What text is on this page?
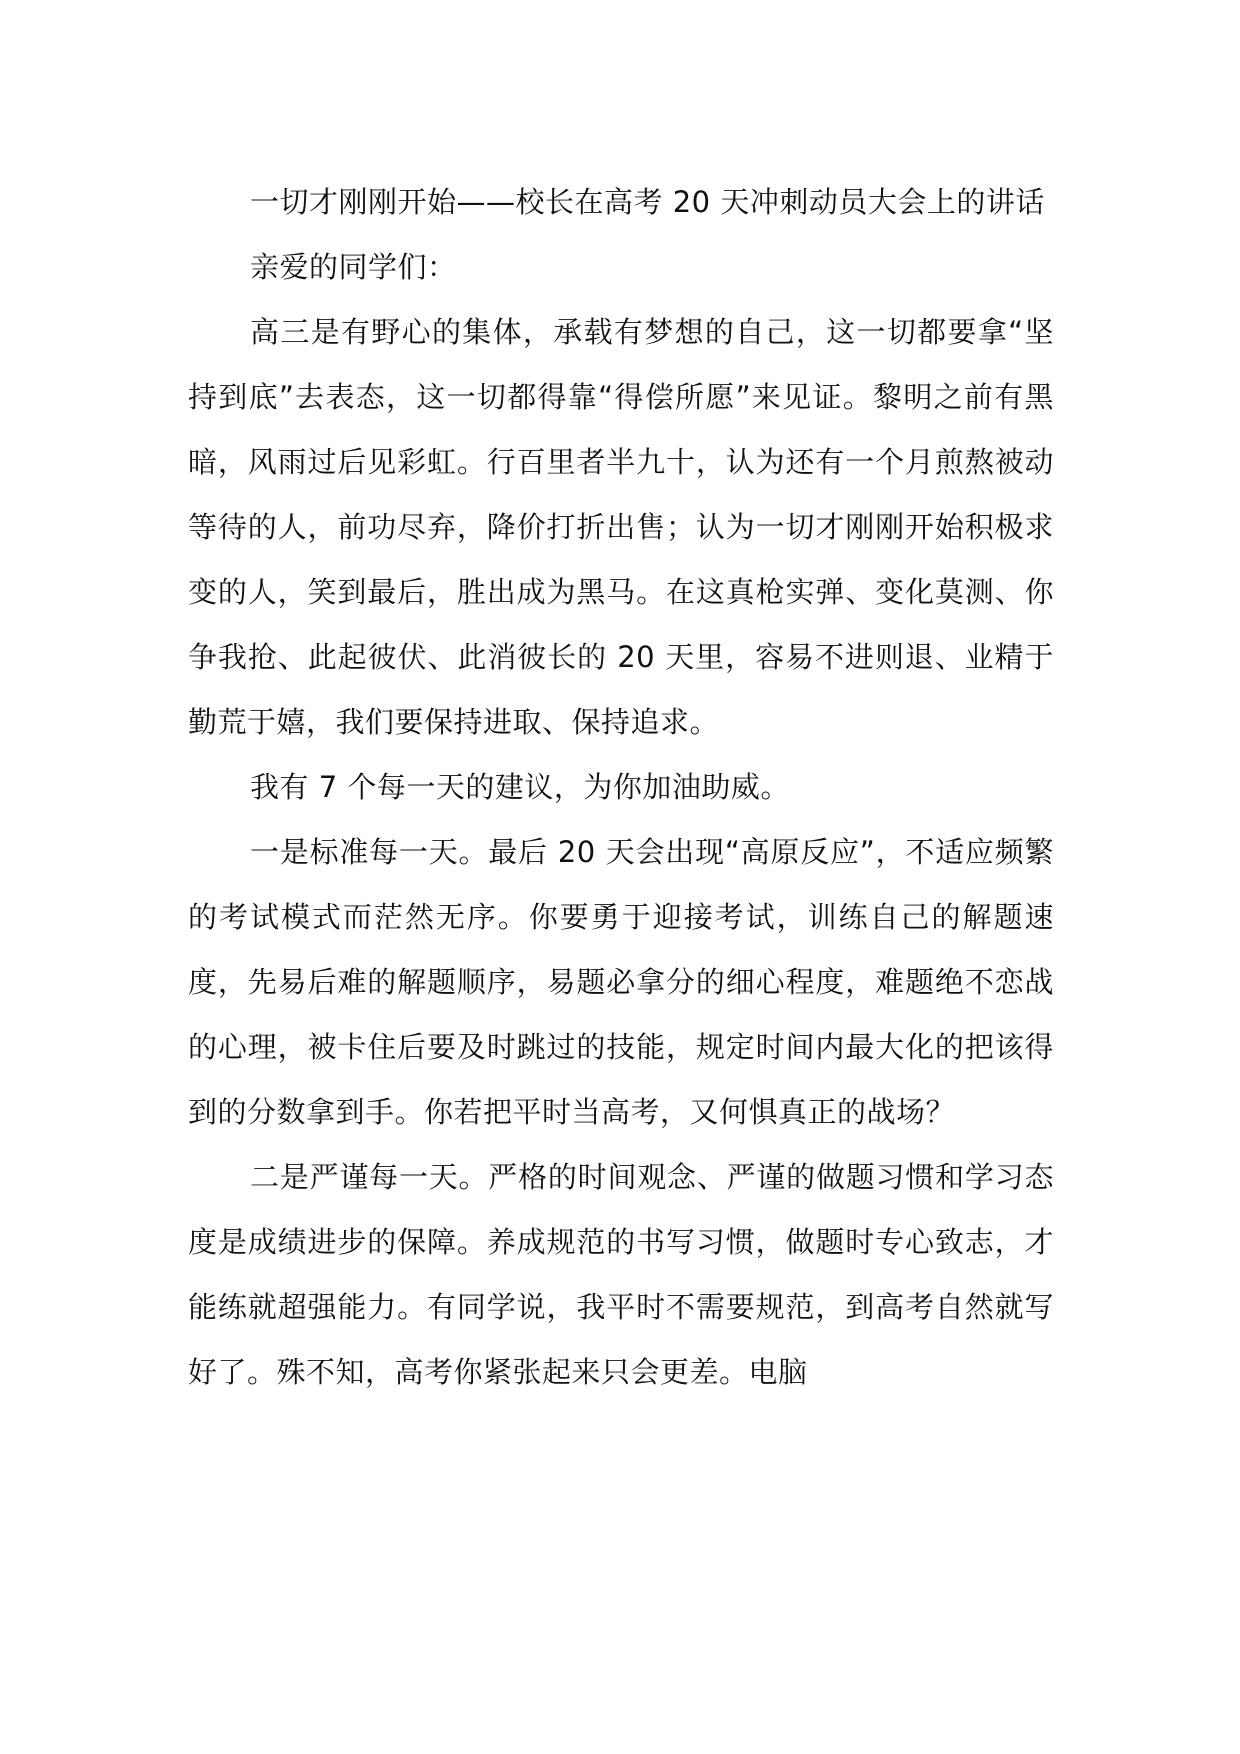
一切才刚刚开始——校长在高考 20 天冲刺动员大会上的讲话

亲爱的同学们：

高三是有野心的集体，承载有梦想的自己，这一切都要拿“坚持到底”去表态，这一切都得靠“得偿所愿”来见证。黎明之前有黑暗，风雨过后见彩虹。行百里者半九十，认为还有一个月煎熬被动等待的人，前功尽弃，降价打折出售；认为一切才刚刚开始积极求变的人，笑到最后，胜出成为黑马。在这真枪实弹、变化莫测、你争我抢、此起彼伏、此消彼长的 20 天里，容易不进则退、业精于勤荒于嬉，我们要保持进取、保持追求。

我有 7 个每一天的建议，为你加油助威。

一是标准每一天。最后 20 天会出现“高原反应”，不适应频繁的考试模式而茫然无序。你要勇于迎接考试，训练自己的解题速度，先易后难的解题顺序，易题必拿分的细心程度，难题绝不恋战的心理，被卡住后要及时跳过的技能，规定时间内最大化的把该得到的分数拿到手。你若把平时当高考，又何惧真正的战场？

二是严谨每一天。严格的时间观念、严谨的做题习惯和学习态度是成绩进步的保障。养成规范的书写习惯，做题时专心致志，才能练就超强能力。有同学说，我平时不需要规范，到高考自然就写好了。殊不知，高考你紧张起来只会更差。电脑
